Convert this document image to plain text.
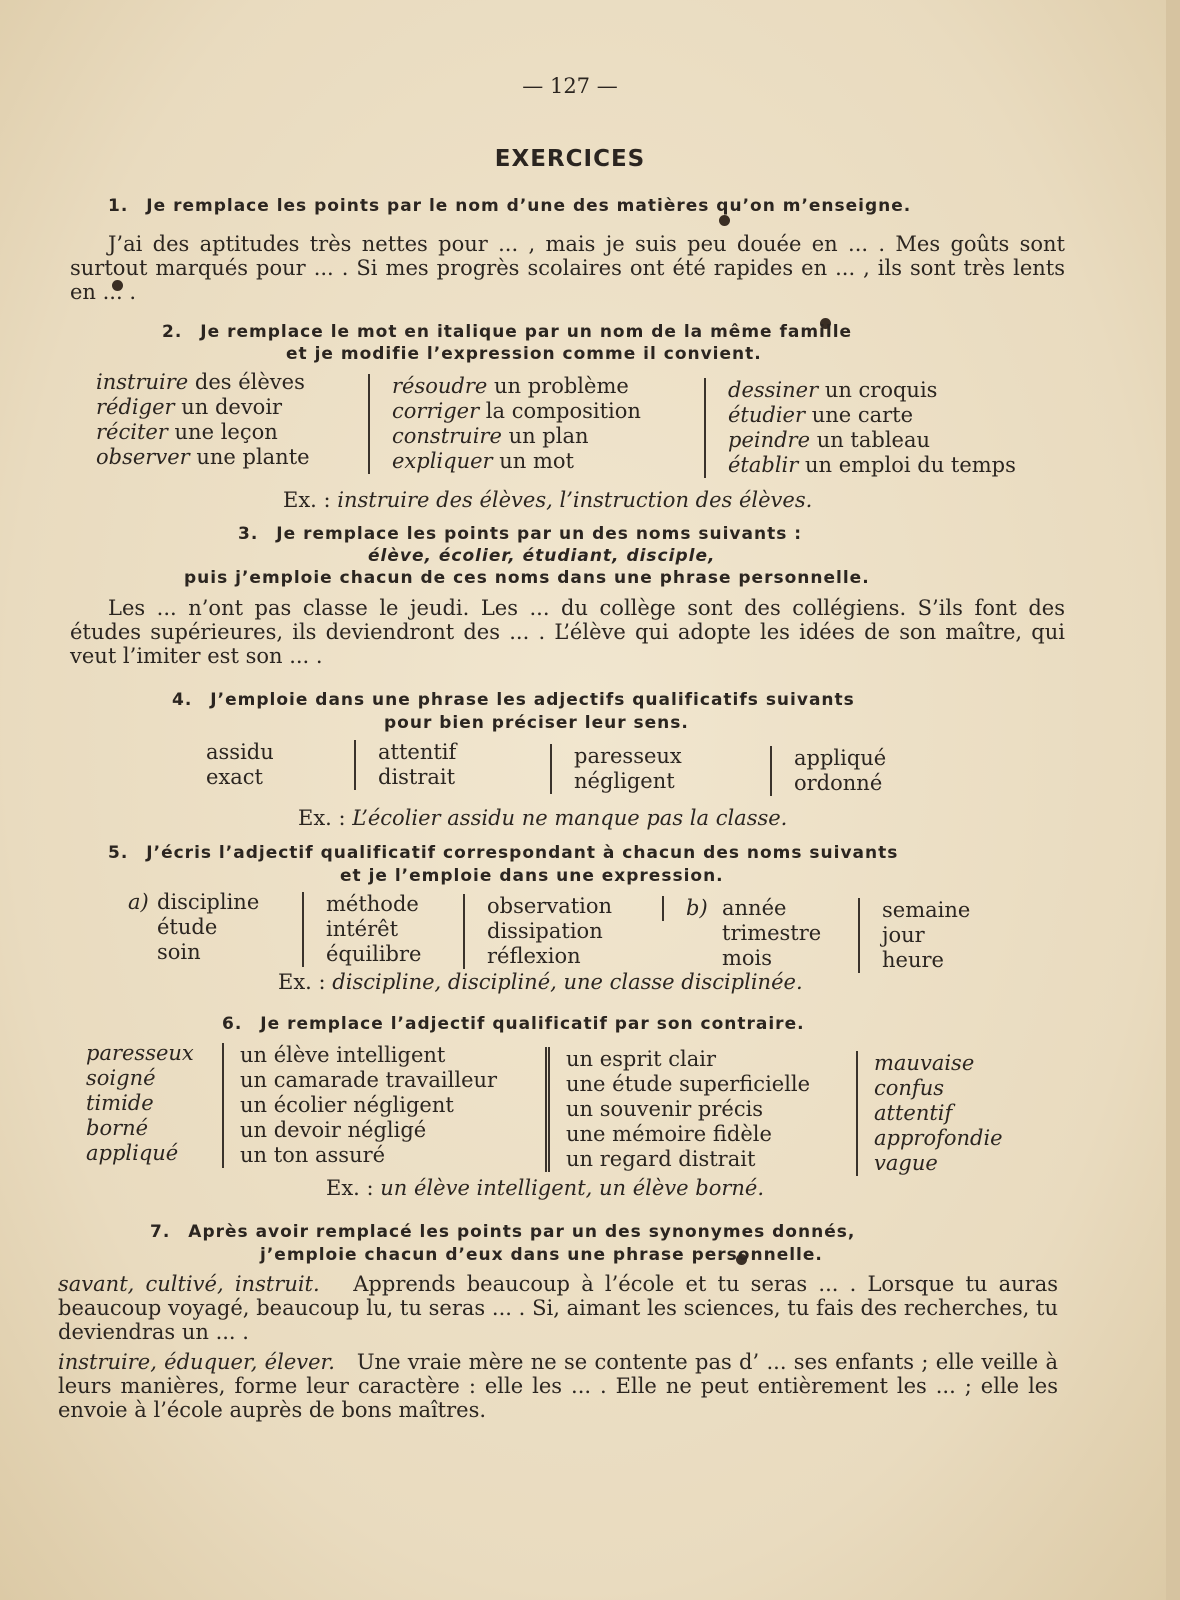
— 127 —
EXERCICES
1. Je remplace les points par le nom d’une des matières qu’on m’enseigne.
J’ai des aptitudes très nettes pour ... , mais je suis peu douée en ... . Mes goûts sont surtout marqués pour ... . Si mes progrès scolaires ont été rapides en ... , ils sont très lents en ... .
2. Je remplace le mot en italique par un nom de la même famille
et je modifie l’expression comme il convient.
instruire des élèves
rédiger un devoir
réciter une leçon
observer une plante
résoudre un problème
corriger la composition
construire un plan
expliquer un mot
dessiner un croquis
étudier une carte
peindre un tableau
établir un emploi du temps
Ex. : instruire des élèves, l’instruction des élèves.
3. Je remplace les points par un des noms suivants :
élève, écolier, étudiant, disciple,
puis j’emploie chacun de ces noms dans une phrase personnelle.
Les ... n’ont pas classe le jeudi. Les ... du collège sont des collégiens. S’ils font des études supérieures, ils deviendront des ... . L’élève qui adopte les idées de son maître, qui veut l’imiter est son ... .
4. J’emploie dans une phrase les adjectifs qualificatifs suivants
pour bien préciser leur sens.
assidu
exact
attentif
distrait
paresseux
négligent
appliqué
ordonné
Ex. : L’écolier assidu ne manque pas la classe.
5. J’écris l’adjectif qualificatif correspondant à chacun des noms suivants
et je l’emploie dans une expression.
a) discipline
étude
soin
méthode
intérêt
équilibre
observation
dissipation
réflexion
b) année
trimestre
mois
semaine
jour
heure
Ex. : discipline, discipliné, une classe disciplinée.
6. Je remplace l’adjectif qualificatif par son contraire.
paresseux
soigné
timide
borné
appliqué
un élève intelligent
un camarade travailleur
un écolier négligent
un devoir négligé
un ton assuré
un esprit clair
une étude superficielle
un souvenir précis
une mémoire fidèle
un regard distrait
mauvaise
confus
attentif
approfondie
vague
Ex. : un élève intelligent, un élève borné.
7. Après avoir remplacé les points par un des synonymes donnés,
j’emploie chacun d’eux dans une phrase personnelle.
savant, cultivé, instruit. Apprends beaucoup à l’école et tu seras ... . Lorsque tu auras beaucoup voyagé, beaucoup lu, tu seras ... . Si, aimant les sciences, tu fais des recherches, tu deviendras un ... .
instruire, éduquer, élever. Une vraie mère ne se contente pas d’ ... ses enfants ; elle veille à leurs manières, forme leur caractère : elle les ... . Elle ne peut entièrement les ... ; elle les envoie à l’école auprès de bons maîtres.
